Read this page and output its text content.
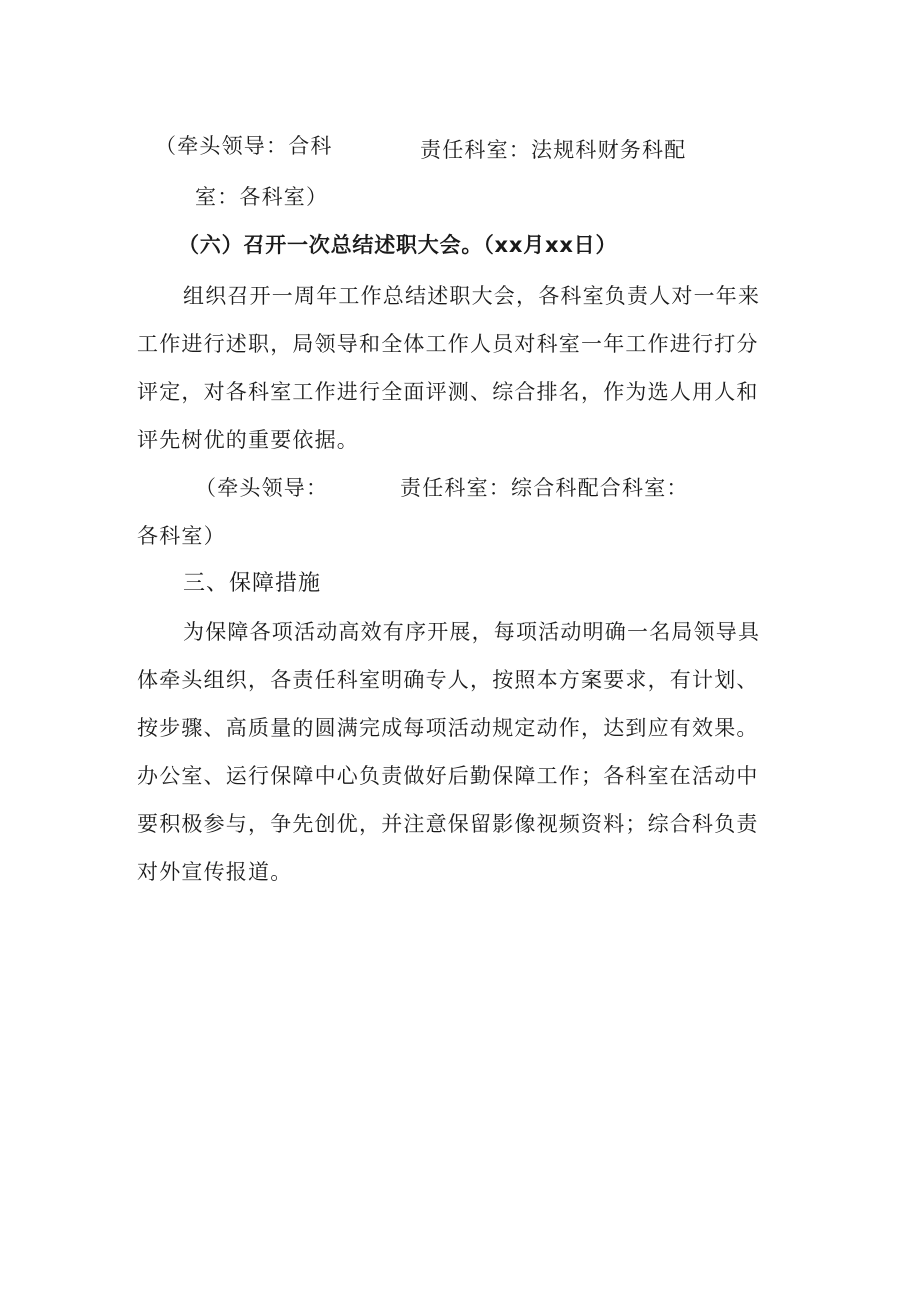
（牵头领导：合科	责任科室：法规科财务科配
室：各科室）
（六）召开一次总结述职大会。（xx月xx日）
组织召开一周年工作总结述职大会，各科室负责人对一年来
工作进行述职，局领导和全体工作人员对科室一年工作进行打分
评定，对各科室工作进行全面评测、综合排名，作为选人用人和
评先树优的重要依据。
（牵头领导：	责任科室：综合科配合科室：
各科室）
三、保障措施
为保障各项活动高效有序开展，每项活动明确一名局领导具
体牵头组织，各责任科室明确专人，按照本方案要求，有计划、
按步骤、高质量的圆满完成每项活动规定动作，达到应有效果。
办公室、运行保障中心负责做好后勤保障工作；各科室在活动中
要积极参与，争先创优，并注意保留影像视频资料；综合科负责
对外宣传报道。
